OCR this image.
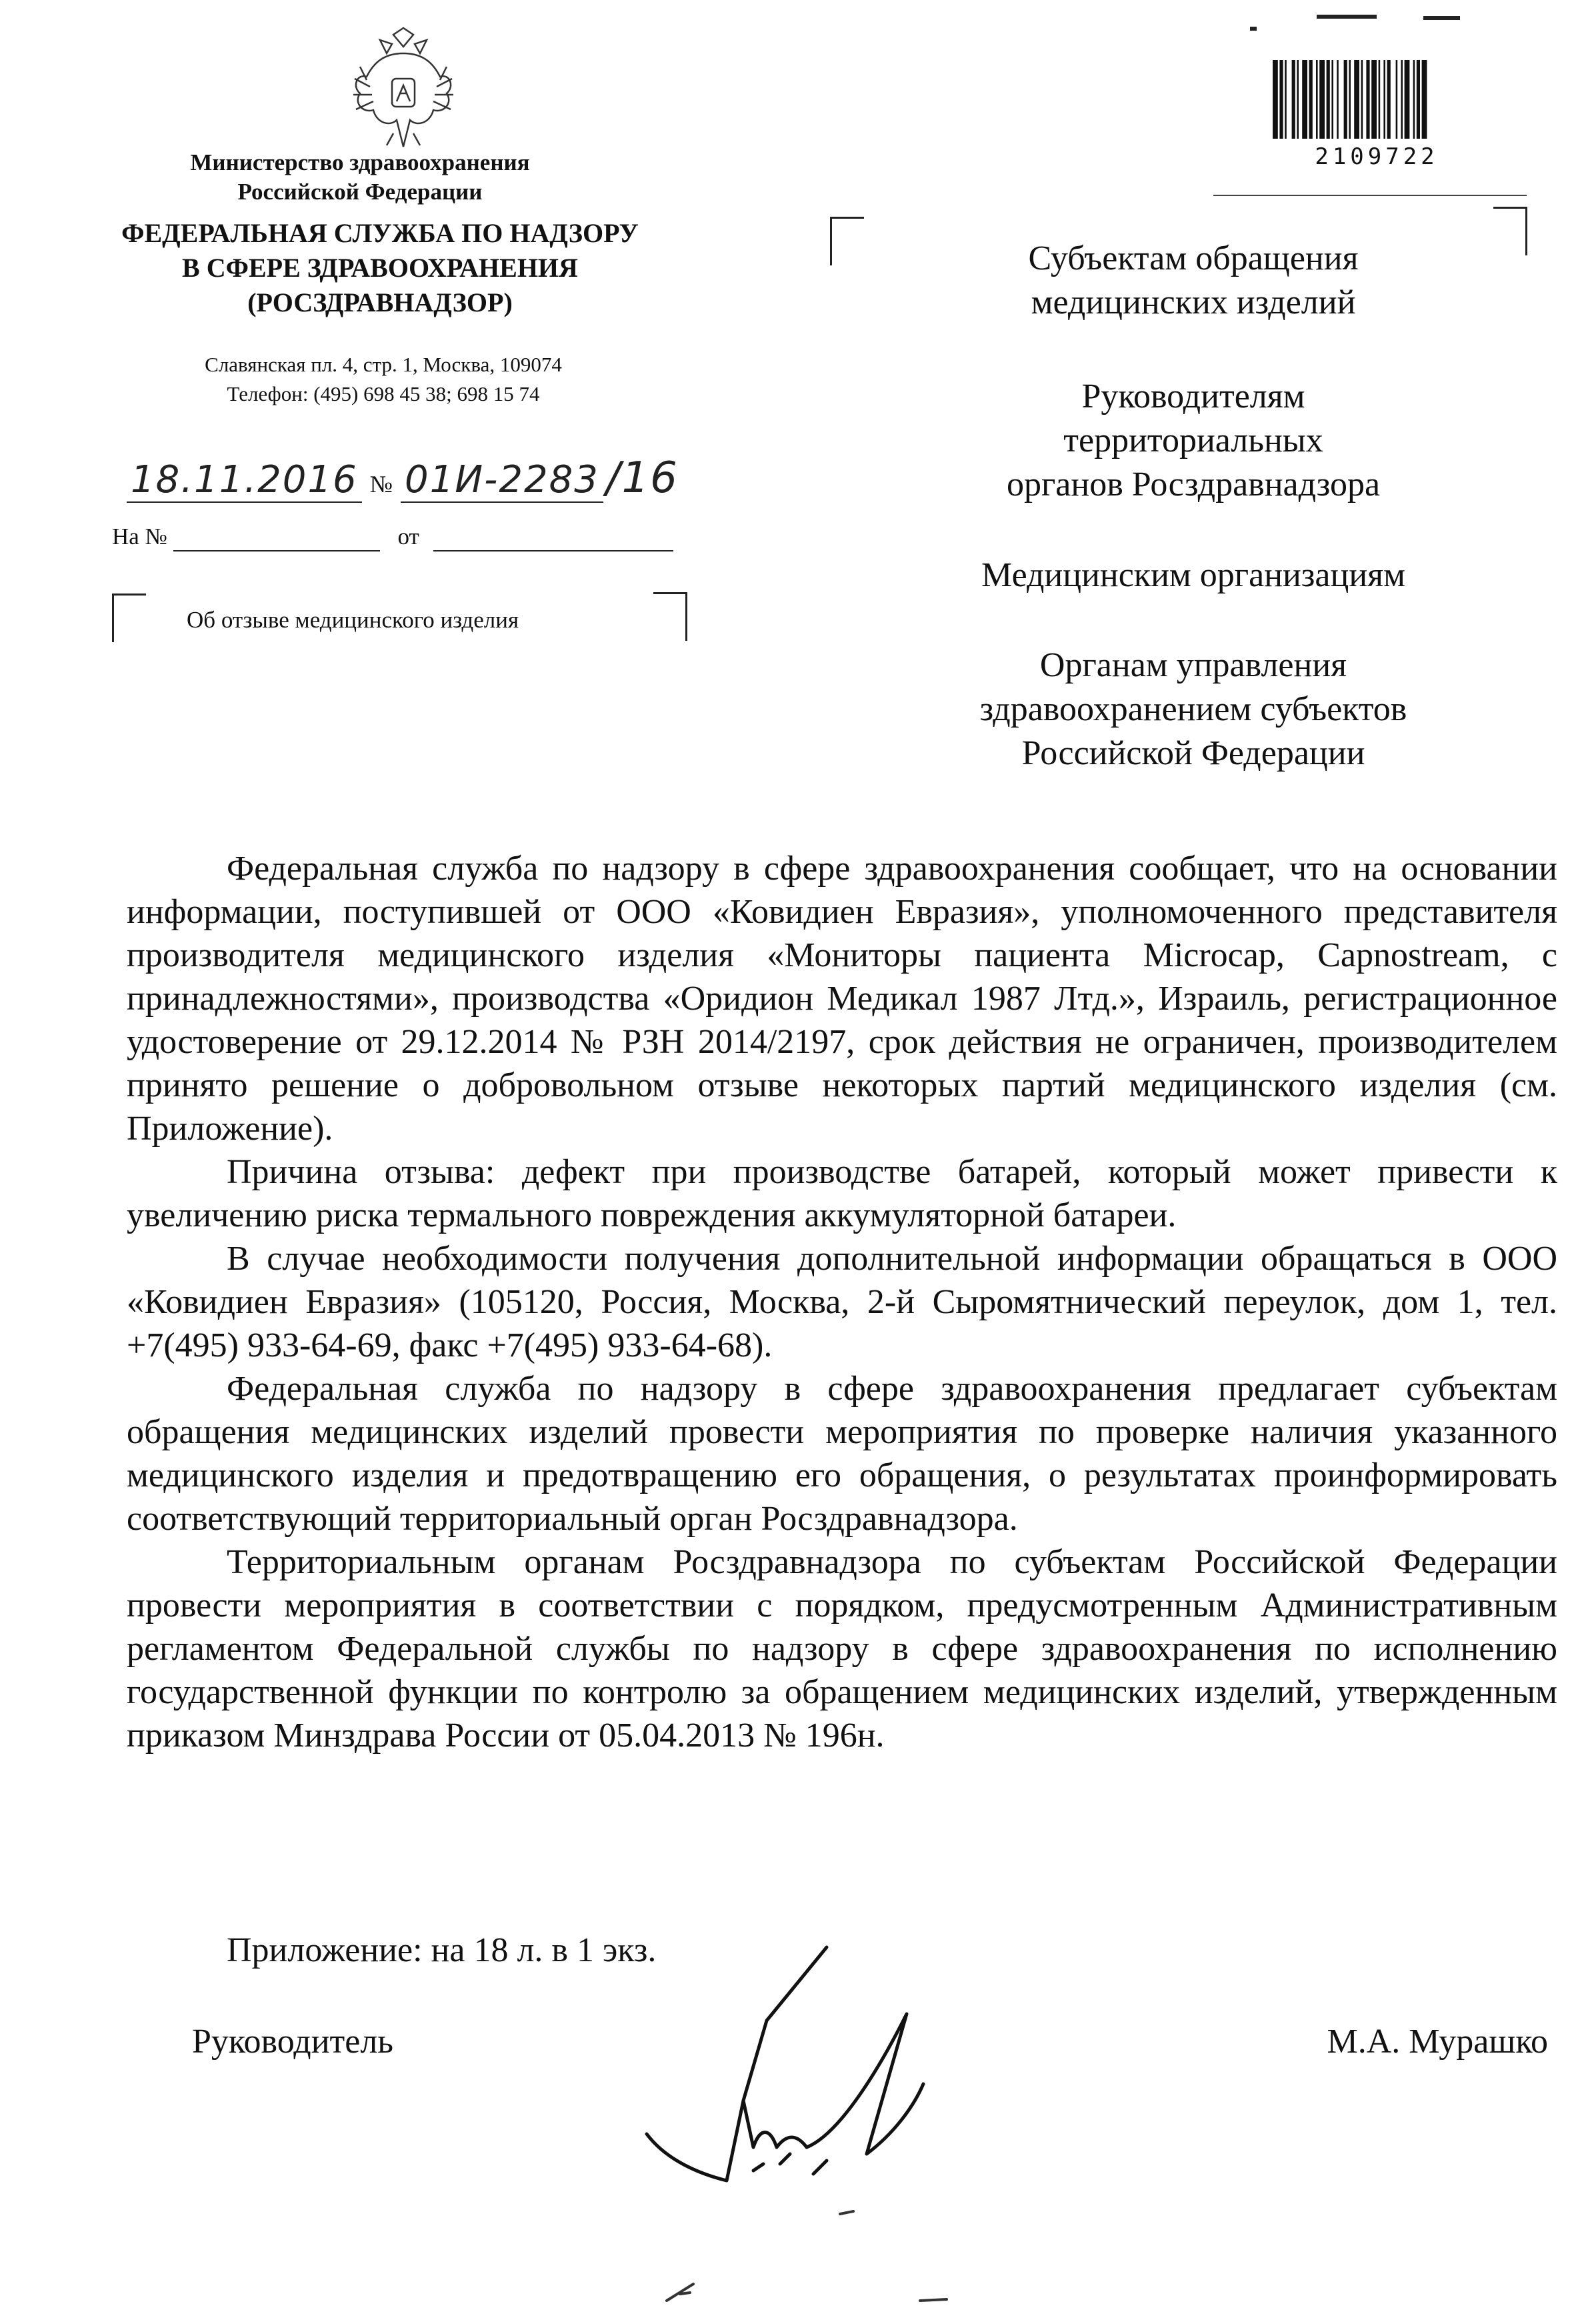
Министерство здравоохранения
Российской Федерации
ФЕДЕРАЛЬНАЯ СЛУЖБА ПО НАДЗОРУ
В СФЕРЕ ЗДРАВООХРАНЕНИЯ
(РОСЗДРАВНАДЗОР)
Славянская пл. 4, стр. 1, Москва, 109074
Телефон: (495) 698 45 38; 698 15 74
18.11.2016 № 01И-2283 /16
На №	от
Об отзыве медицинского изделия
2109722
Субъектам обращения
медицинских изделий
Руководителям
территориальных
органов Росздравнадзора
Медицинским организациям
Органам управления
здравоохранением субъектов
Российской Федерации

Федеральная служба по надзору в сфере здравоохранения сообщает, что на основании информации, поступившей от ООО «Ковидиен Евразия», уполномоченного представителя производителя медицинского изделия «Мониторы пациента Microcap, Capnostream, с принадлежностями», производства «Оридион Медикал 1987 Лтд.», Израиль, регистрационное удостоверение от 29.12.2014 № РЗН 2014/2197, срок действия не ограничен, производителем принято решение о добровольном отзыве некоторых партий медицинского изделия (см. Приложение).

Причина отзыва: дефект при производстве батарей, который может привести к увеличению риска термального повреждения аккумуляторной батареи.

В случае необходимости получения дополнительной информации обращаться в ООО «Ковидиен Евразия» (105120, Россия, Москва, 2-й Сыромятнический переулок, дом 1, тел. +7(495) 933-64-69, факс +7(495) 933-64-68).

Федеральная служба по надзору в сфере здравоохранения предлагает субъектам обращения медицинских изделий провести мероприятия по проверке наличия указанного медицинского изделия и предотвращению его обращения, о результатах проинформировать соответствующий территориальный орган Росздравнадзора.

Территориальным органам Росздравнадзора по субъектам Российской Федерации провести мероприятия в соответствии с порядком, предусмотренным Административным регламентом Федеральной службы по надзору в сфере здравоохранения по исполнению государственной функции по контролю за обращением медицинских изделий, утвержденным приказом Минздрава России от 05.04.2013 № 196н.

Приложение: на 18 л. в 1 экз.
Руководитель	М.А. Мурашко
